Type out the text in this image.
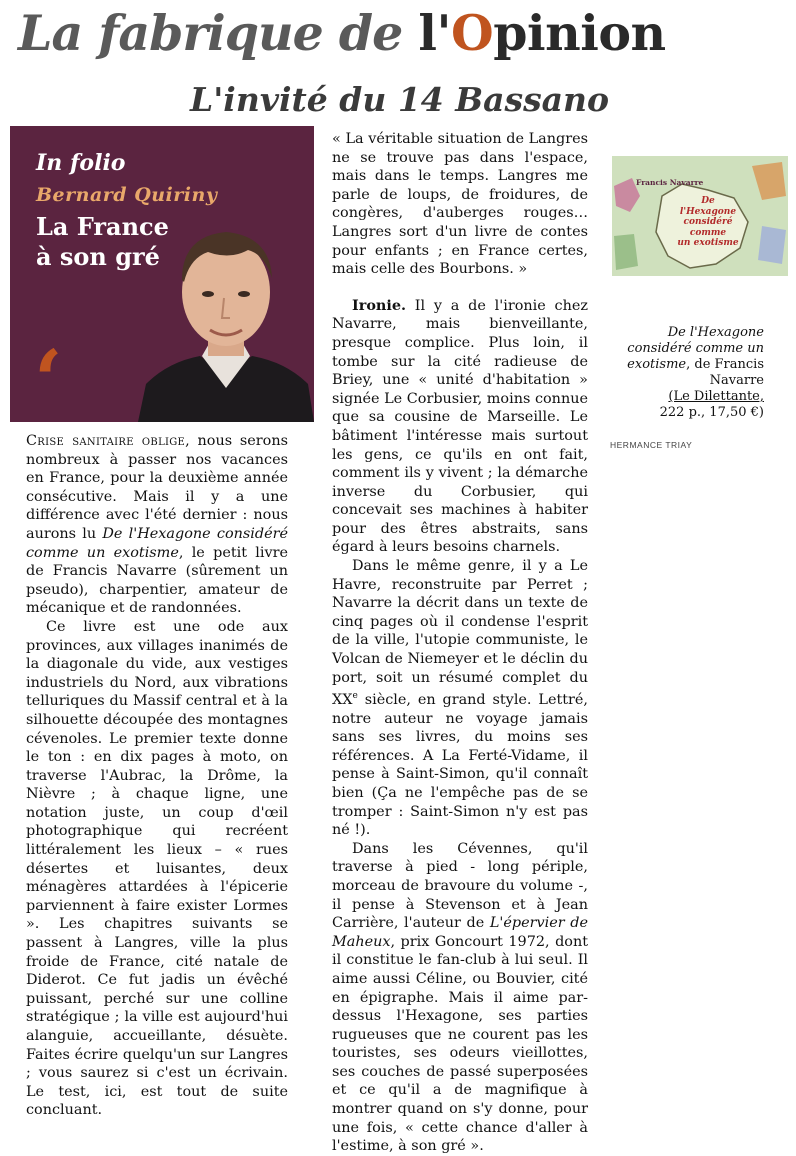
La fabrique de l'Opinion
L'invité du 14 Bassano
In folio
Bernard Quiriny
La France
à son gré
‘

Crise sanitaire oblige, nous serons nombreux à passer nos vacances en France, pour la deuxième année consécutive. Mais il y a une différence avec l'été dernier : nous aurons lu De l'Hexagone considéré comme un exotisme, le petit livre de Francis Navarre (sûrement un pseudo), charpentier, amateur de mécanique et de randonnées.

Ce livre est une ode aux provinces, aux villages inanimés de la diagonale du vide, aux vestiges industriels du Nord, aux vibrations telluriques du Massif central et à la silhouette découpée des montagnes cévenoles. Le premier texte donne le ton : en dix pages à moto, on traverse l'Aubrac, la Drôme, la Nièvre ; à chaque ligne, une notation juste, un coup d'œil photographique qui recréent littéralement les lieux – « rues désertes et luisantes, deux ménagères attardées à l'épicerie parviennent à faire exister Lormes ». Les chapitres suivants se passent à Langres, ville la plus froide de France, cité natale de Diderot. Ce fut jadis un évêché puissant, perché sur une colline stratégique ; la ville est aujourd'hui alanguie, accueillante, désuète. Faites écrire quelqu'un sur Langres ; vous saurez si c'est un écrivain. Le test, ici, est tout de suite concluant.

« La véritable situation de Langres ne se trouve pas dans l'espace, mais dans le temps. Langres me parle de loups, de froidures, de congères, d'auberges rouges… Langres sort d'un livre de contes pour enfants ; en France certes, mais celle des Bourbons. »

Ironie. Il y a de l'ironie chez Navarre, mais bienveillante, presque complice. Plus loin, il tombe sur la cité radieuse de Briey, une « unité d'habitation » signée Le Corbusier, moins connue que sa cousine de Marseille. Le bâtiment l'intéresse mais surtout les gens, ce qu'ils en ont fait, comment ils y vivent ; la démarche inverse du Corbusier, qui concevait ses machines à habiter pour des êtres abstraits, sans égard à leurs besoins charnels.

Dans le même genre, il y a Le Havre, reconstruite par Perret ; Navarre la décrit dans un texte de cinq pages où il condense l'esprit de la ville, l'utopie communiste, le Volcan de Niemeyer et le déclin du port, soit un résumé complet du XXe siècle, en grand style. Lettré, notre auteur ne voyage jamais sans ses livres, du moins ses références. A La Ferté-Vidame, il pense à Saint-Simon, qu'il connaît bien (Ça ne l'empêche pas de se tromper : Saint-Simon n'y est pas né !).

Dans les Cévennes, qu'il traverse à pied - long périple, morceau de bravoure du volume -, il pense à Stevenson et à Jean Carrière, l'auteur de L'épervier de Maheux, prix Goncourt 1972, dont il constitue le fan-club à lui seul. Il aime aussi Céline, ou Bouvier, cité en épigraphe. Mais il aime par-dessus l'Hexagone, ses parties rugueuses que ne courent pas les touristes, ses odeurs vieillottes, ses couches de passé superposées et ce qu'il a de magnifique à montrer quand on s'y donne, pour une fois, « cette chance d'aller à l'estime, à son gré ».

Francis Navarre
De
l'Hexagone
considéré
comme
un exotisme
De l'Hexagone considéré comme un exotisme, de Francis Navarre
(Le Dilettante,
222 p., 17,50 €)
HERMANCE TRIAY
